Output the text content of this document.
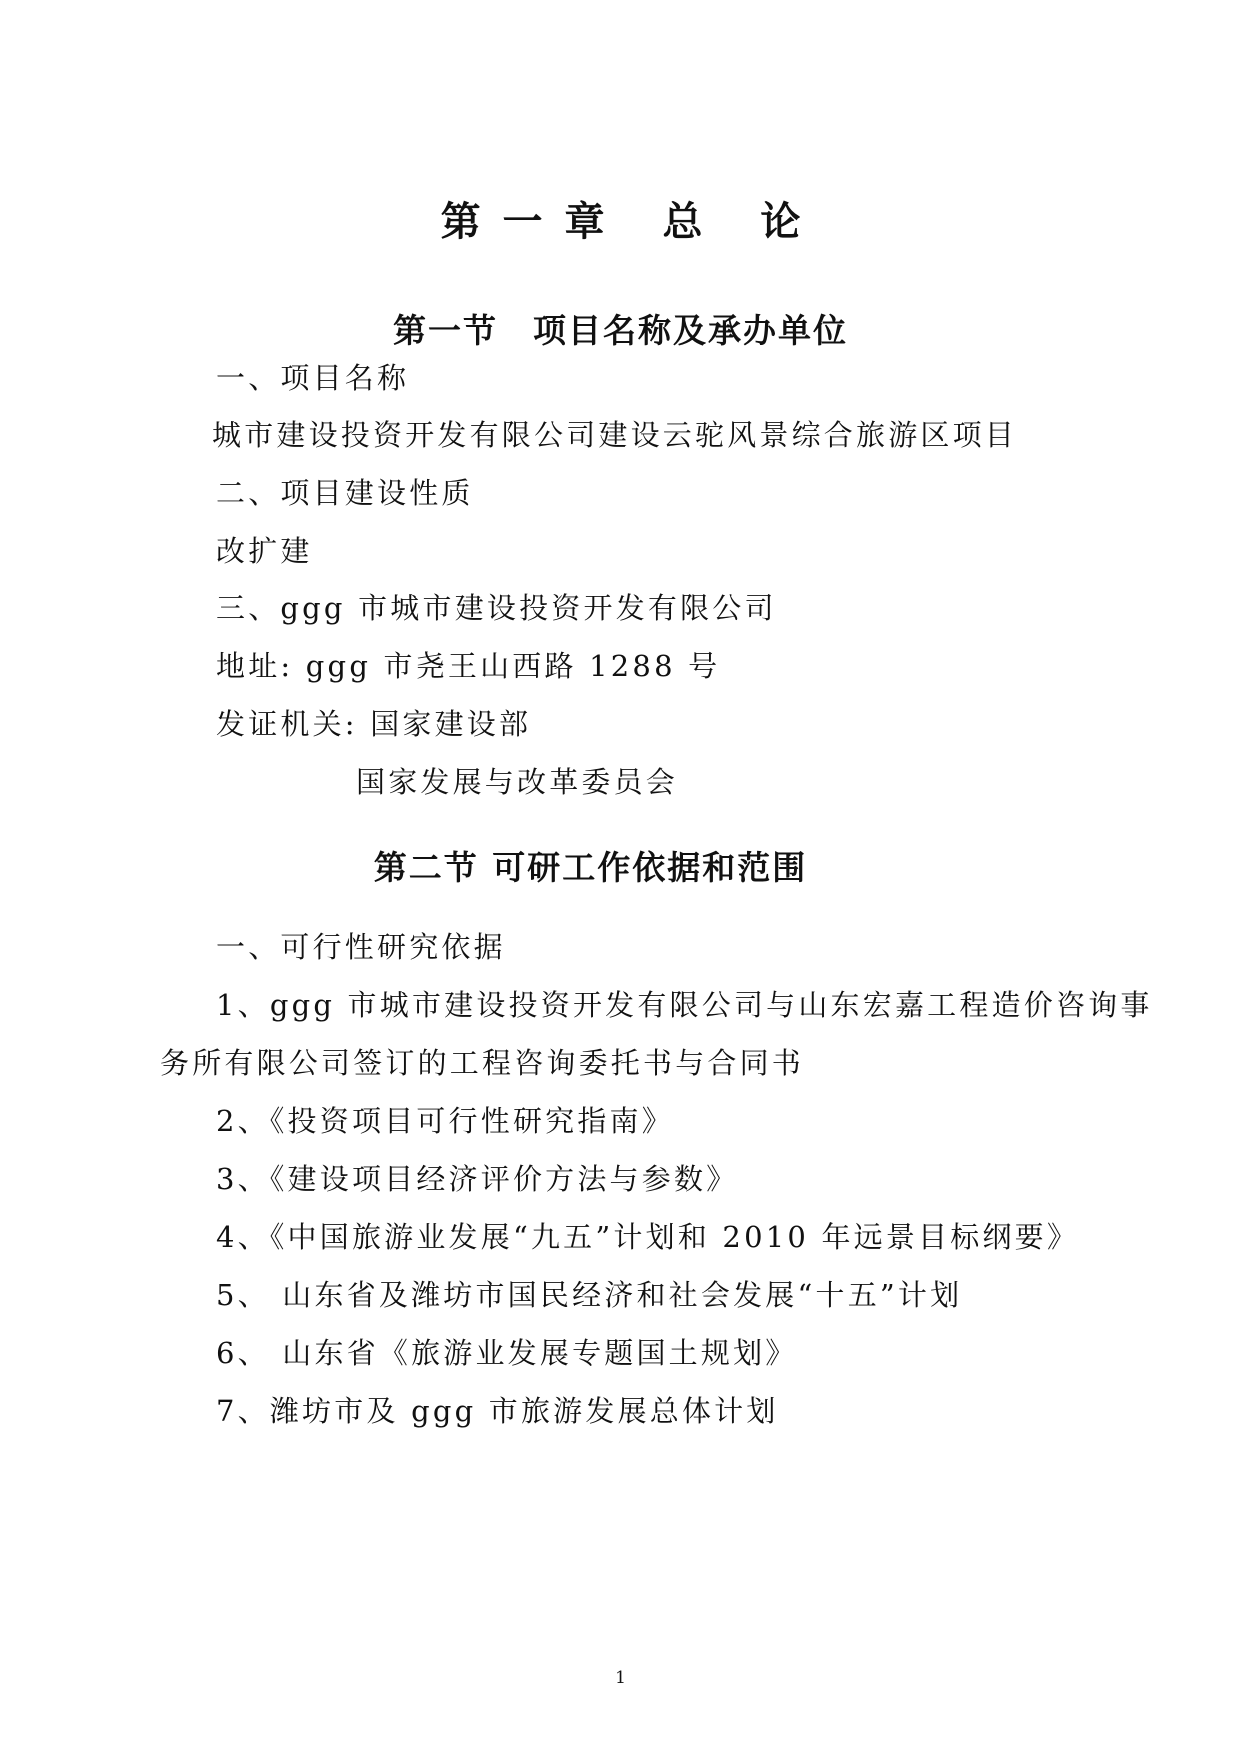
第一章 总 论
第一节　项目名称及承办单位

一、项目名称

城市建设投资开发有限公司建设云驼风景综合旅游区项目

二、项目建设性质

改扩建

三、ggg 市城市建设投资开发有限公司

地址: ggg 市尧王山西路 1288 号

发证机关: 国家建设部

国家发展与改革委员会

第二节 可研工作依据和范围

一、可行性研究依据

1、ggg 市城市建设投资开发有限公司与山东宏嘉工程造价咨询事

务所有限公司签订的工程咨询委托书与合同书

2、《投资项目可行性研究指南》

3、《建设项目经济评价方法与参数》

4、《中国旅游业发展“九五”计划和 2010 年远景目标纲要》

5、 山东省及潍坊市国民经济和社会发展“十五”计划

6、 山东省《旅游业发展专题国土规划》

7、潍坊市及 ggg 市旅游发展总体计划

1
